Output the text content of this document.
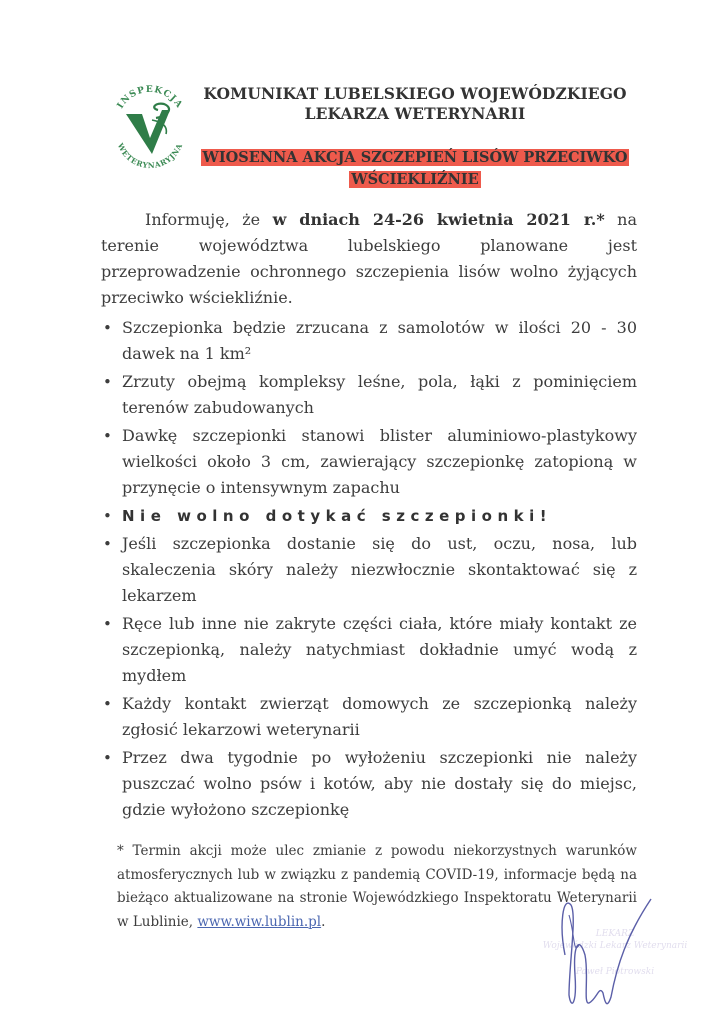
INSPEKCJA
WETERYNARYJNA
KOMUNIKAT LUBELSKIEGO WOJEWÓDZKIEGO
LEKARZA WETERYNARII
WIOSENNA AKCJA SZCZEPIEŃ LISÓW PRZECIWKO
WŚCIEKLIŹNIE

Informuję, że w dniach 24-26 kwietnia 2021 r.* na terenie województwa lubelskiego planowane jest przeprowadzenie ochronnego szczepienia lisów wolno żyjących przeciwko wściekliźnie.

• Szczepionka będzie zrzucana z samolotów w ilości 20 - 30 dawek na 1 km²
• Zrzuty obejmą kompleksy leśne, pola, łąki z pominięciem terenów zabudowanych
• Dawkę szczepionki stanowi blister aluminiowo-plastykowy wielkości około 3 cm, zawierający szczepionkę zatopioną w przynęcie o intensywnym zapachu
• Nie wolno dotykać szczepionki!
• Jeśli szczepionka dostanie się do ust, oczu, nosa, lub skaleczenia skóry należy niezwłocznie skontaktować się z lekarzem
• Ręce lub inne nie zakryte części ciała, które miały kontakt ze szczepionką, należy natychmiast dokładnie umyć wodą z mydłem
• Każdy kontakt zwierząt domowych ze szczepionką należy zgłosić lekarzowi weterynarii
• Przez dwa tygodnie po wyłożeniu szczepionki nie należy puszczać wolno psów i kotów, aby nie dostały się do miejsc, gdzie wyłożono szczepionkę
* Termin akcji może ulec zmianie z powodu niekorzystnych warunków atmosferycznych lub w związku z pandemią COVID-19, informacje będą na bieżąco aktualizowane na stronie Wojewódzkiego Inspektoratu Weterynarii w Lublinie, www.wiw.lublin.pl.
LEKARZ
Wojewódzki Lekarz Weterynarii
Paweł Piotrowski
